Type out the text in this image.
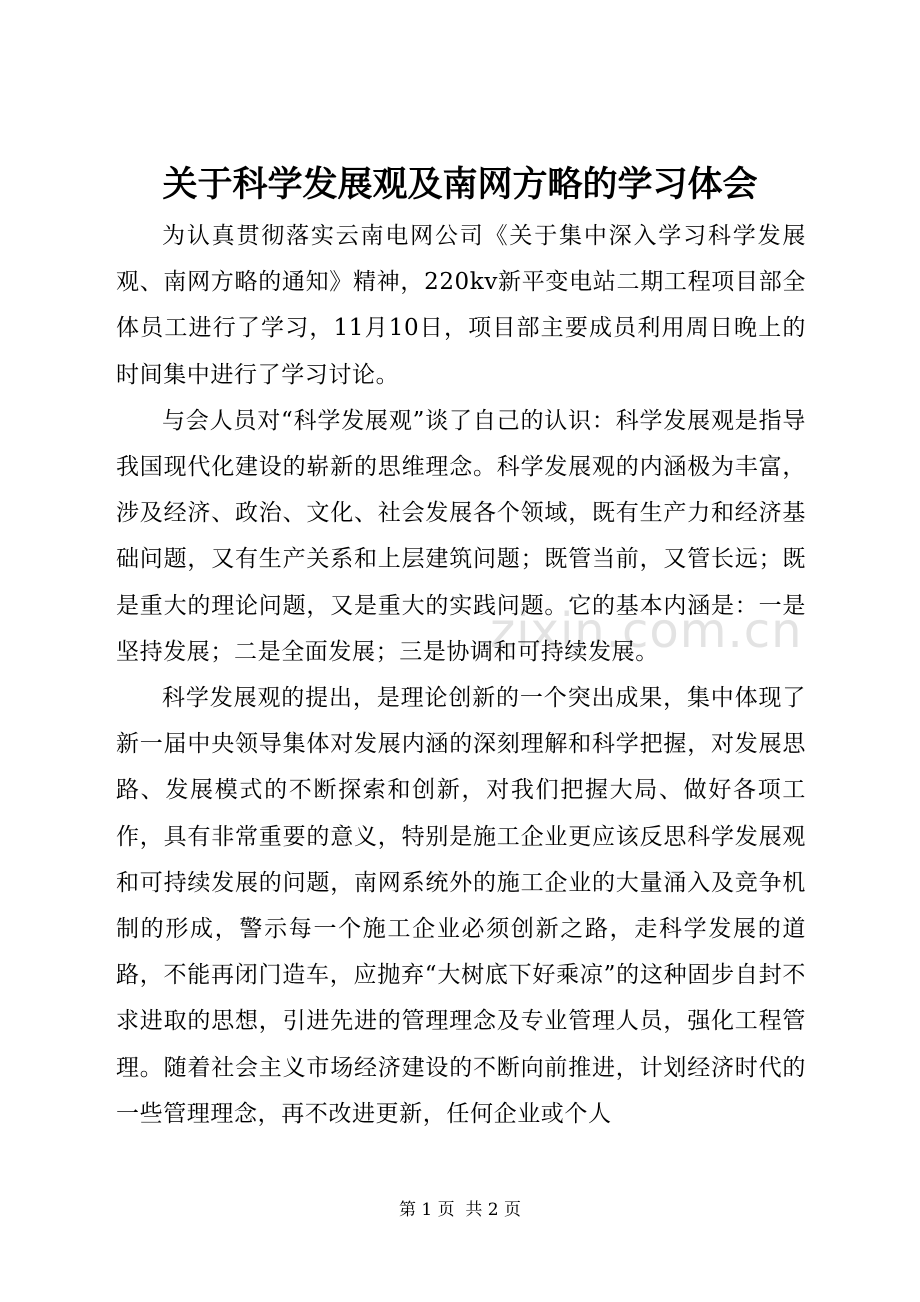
关于科学发展观及南网方略的学习体会
zixin.com.cn

为认真贯彻落实云南电网公司《关于集中深入学习科学发展观、南网方略的通知》精神，220kv新平变电站二期工程项目部全体员工进行了学习，11月10日，项目部主要成员利用周日晚上的时间集中进行了学习讨论。

与会人员对“科学发展观”谈了自己的认识：科学发展观是指导我国现代化建设的崭新的思维理念。科学发展观的内涵极为丰富，涉及经济、政治、文化、社会发展各个领域，既有生产力和经济基础问题，又有生产关系和上层建筑问题；既管当前，又管长远；既是重大的理论问题，又是重大的实践问题。它的基本内涵是：一是坚持发展；二是全面发展；三是协调和可持续发展。

科学发展观的提出，是理论创新的一个突出成果，集中体现了新一届中央领导集体对发展内涵的深刻理解和科学把握，对发展思路、发展模式的不断探索和创新，对我们把握大局、做好各项工作，具有非常重要的意义，特别是施工企业更应该反思科学发展观和可持续发展的问题，南网系统外的施工企业的大量涌入及竞争机制的形成，警示每一个施工企业必须创新之路，走科学发展的道路，不能再闭门造车，应抛弃“大树底下好乘凉”的这种固步自封不求进取的思想，引进先进的管理理念及专业管理人员，强化工程管理。随着社会主义市场经济建设的不断向前推进，计划经济时代的一些管理理念，再不改进更新，任何企业或个人

第 1 页  共 2 页
